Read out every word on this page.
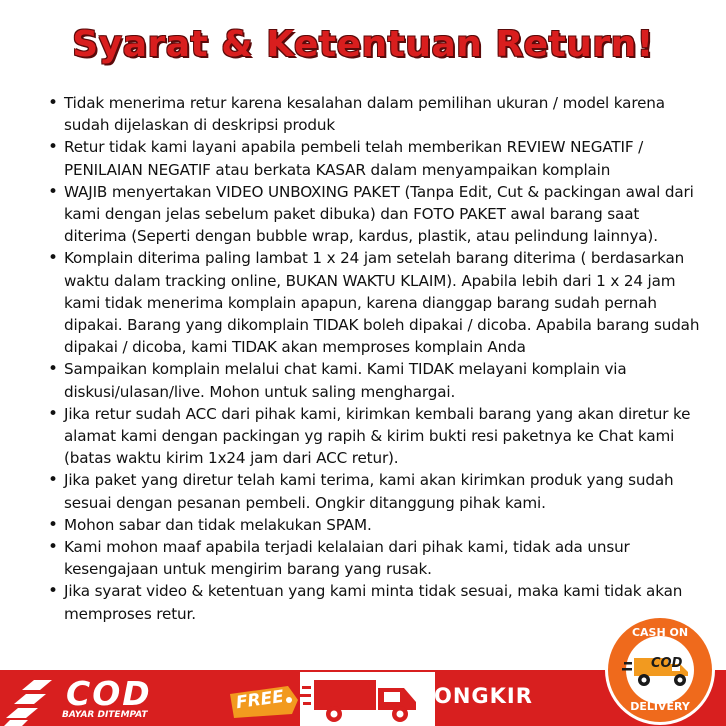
Syarat & Ketentuan Return!
• Tidak menerima retur karena kesalahan dalam pemilihan ukuran / model karena sudah dijelaskan di deskripsi produk
• Retur tidak kami layani apabila pembeli telah memberikan REVIEW NEGATIF / PENILAIAN NEGATIF atau berkata KASAR dalam menyampaikan komplain
• WAJIB menyertakan VIDEO UNBOXING PAKET (Tanpa Edit, Cut & packingan awal dari kami dengan jelas sebelum paket dibuka) dan FOTO PAKET awal barang saat diterima (Seperti dengan bubble wrap, kardus, plastik, atau pelindung lainnya).
• Komplain diterima paling lambat 1 x 24 jam setelah barang diterima ( berdasarkan waktu dalam tracking online, BUKAN WAKTU KLAIM). Apabila lebih dari 1 x 24 jam kami tidak menerima komplain apapun, karena dianggap barang sudah pernah dipakai. Barang yang dikomplain TIDAK boleh dipakai / dicoba. Apabila barang sudah dipakai / dicoba, kami TIDAK akan memproses komplain Anda
• Sampaikan komplain melalui chat kami. Kami TIDAK melayani komplain via diskusi/ulasan/live. Mohon untuk saling menghargai.
• Jika retur sudah ACC dari pihak kami, kirimkan kembali barang yang akan diretur ke alamat kami dengan packingan yg rapih & kirim bukti resi paketnya ke Chat kami (batas waktu kirim 1x24 jam dari ACC retur).
• Jika paket yang diretur telah kami terima, kami akan kirimkan produk yang sudah sesuai dengan pesanan pembeli. Ongkir ditanggung pihak kami.
• Mohon sabar dan tidak melakukan SPAM.
• Kami mohon maaf apabila terjadi kelalaian dari pihak kami, tidak ada unsur kesengajaan untuk mengirim barang yang rusak.
• Jika syarat video & ketentuan yang kami minta tidak sesuai, maka kami tidak akan memproses retur.
COD
BAYAR DITEMPAT
FREE	ONGKIR
CASH ON
COD
DELIVERY
